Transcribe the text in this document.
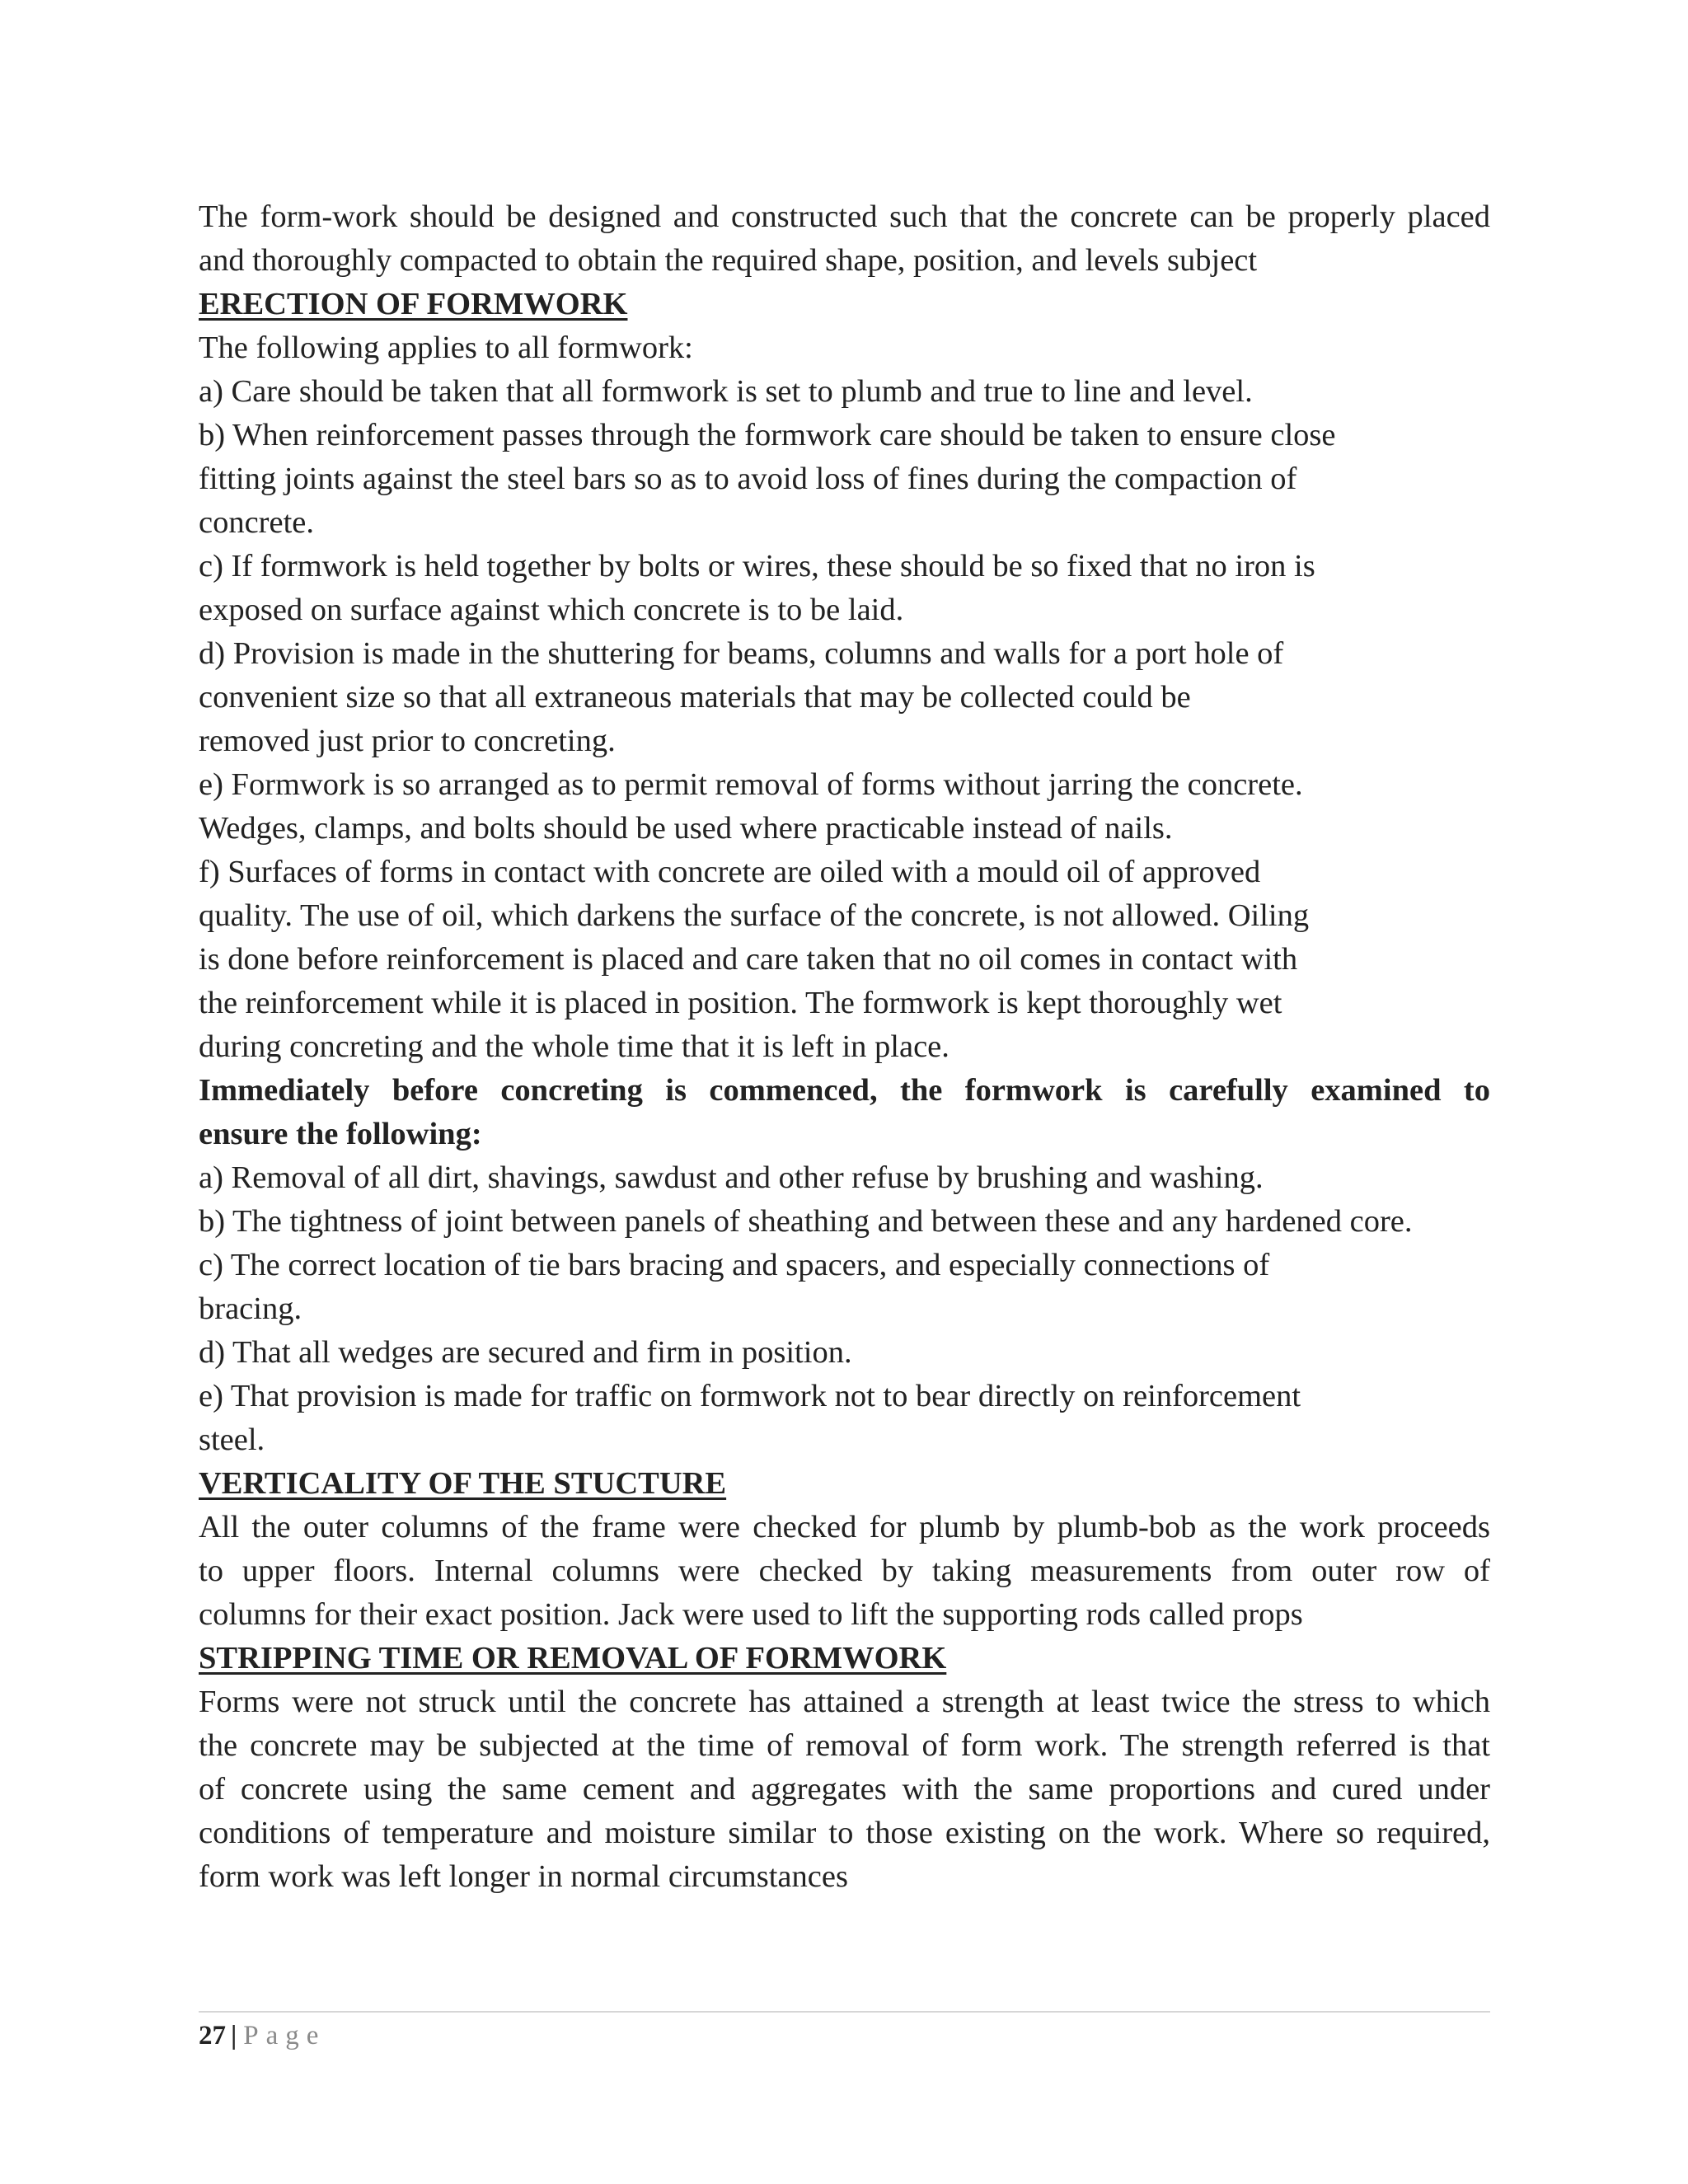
The form-work should be designed and constructed such that the concrete can be properly placed
and thoroughly compacted to obtain the required shape, position, and levels subject
ERECTION OF FORMWORK
The following applies to all formwork:
a) Care should be taken that all formwork is set to plumb and true to line and level.
b) When reinforcement passes through the formwork care should be taken to ensure close
fitting joints against the steel bars so as to avoid loss of fines during the compaction of
concrete.
c) If formwork is held together by bolts or wires, these should be so fixed that no iron is
exposed on surface against which concrete is to be laid.
d) Provision is made in the shuttering for beams, columns and walls for a port hole of
convenient size so that all extraneous materials that may be collected could be
removed just prior to concreting.
e) Formwork is so arranged as to permit removal of forms without jarring the concrete.
Wedges, clamps, and bolts should be used where practicable instead of nails.
f) Surfaces of forms in contact with concrete are oiled with a mould oil of approved
quality. The use of oil, which darkens the surface of the concrete, is not allowed. Oiling
is done before reinforcement is placed and care taken that no oil comes in contact with
the reinforcement while it is placed in position. The formwork is kept thoroughly wet
during concreting and the whole time that it is left in place.
Immediately before concreting is commenced, the formwork is carefully examined to
ensure the following:
a) Removal of all dirt, shavings, sawdust and other refuse by brushing and washing.
b) The tightness of joint between panels of sheathing and between these and any hardened core.
c) The correct location of tie bars bracing and spacers, and especially connections of
bracing.
d) That all wedges are secured and firm in position.
e) That provision is made for traffic on formwork not to bear directly on reinforcement
steel.
VERTICALITY OF THE STUCTURE
All the outer columns of the frame were checked for plumb by plumb-bob as the work proceeds
to upper floors. Internal columns were checked by taking measurements from outer row of
columns for their exact position. Jack were used to lift the supporting rods called props
STRIPPING TIME OR REMOVAL OF FORMWORK
Forms were not struck until the concrete has attained a strength at least twice the stress to which
the concrete may be subjected at the time of removal of form work. The strength referred is that
of concrete using the same cement and aggregates with the same proportions and cured under
conditions of temperature and moisture similar to those existing on the work. Where so required,
form work was left longer in normal circumstances
27 | Page
